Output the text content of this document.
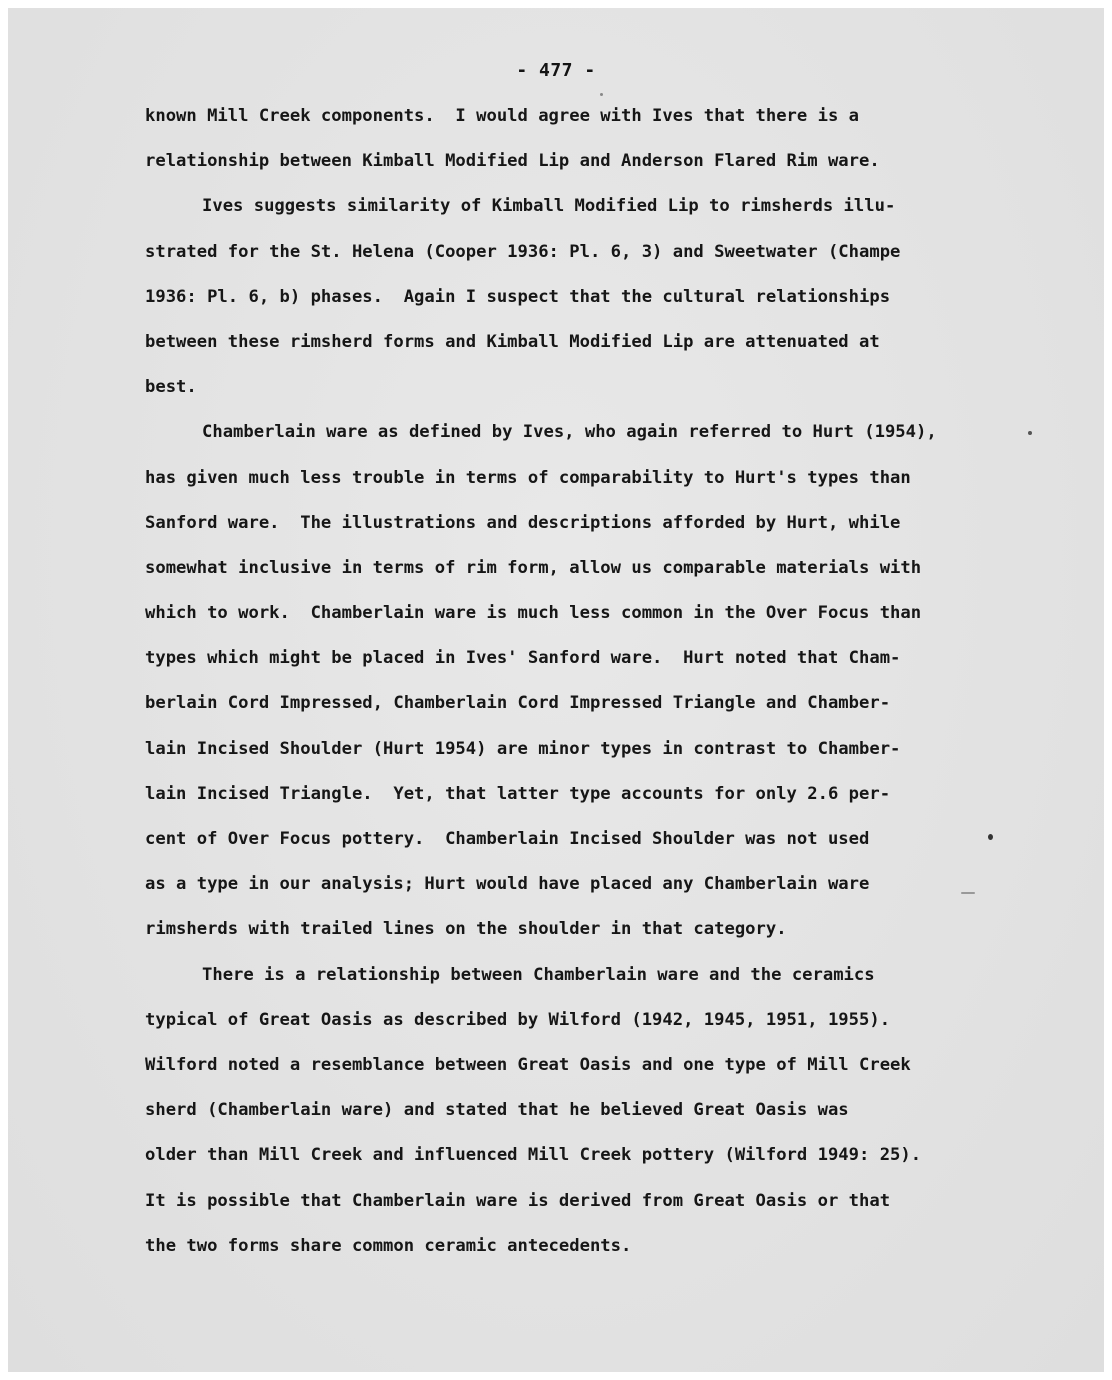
- 477 -
known Mill Creek components.  I would agree with Ives that there is a
relationship between Kimball Modified Lip and Anderson Flared Rim ware.
Ives suggests similarity of Kimball Modified Lip to rimsherds illu-
strated for the St. Helena (Cooper 1936: Pl. 6, 3) and Sweetwater (Champe
1936: Pl. 6, b) phases.  Again I suspect that the cultural relationships
between these rimsherd forms and Kimball Modified Lip are attenuated at
best.
Chamberlain ware as defined by Ives, who again referred to Hurt (1954),
has given much less trouble in terms of comparability to Hurt's types than
Sanford ware.  The illustrations and descriptions afforded by Hurt, while
somewhat inclusive in terms of rim form, allow us comparable materials with
which to work.  Chamberlain ware is much less common in the Over Focus than
types which might be placed in Ives' Sanford ware.  Hurt noted that Cham-
berlain Cord Impressed, Chamberlain Cord Impressed Triangle and Chamber-
lain Incised Shoulder (Hurt 1954) are minor types in contrast to Chamber-
lain Incised Triangle.  Yet, that latter type accounts for only 2.6 per-
cent of Over Focus pottery.  Chamberlain Incised Shoulder was not used
as a type in our analysis; Hurt would have placed any Chamberlain ware
rimsherds with trailed lines on the shoulder in that category.
There is a relationship between Chamberlain ware and the ceramics
typical of Great Oasis as described by Wilford (1942, 1945, 1951, 1955).
Wilford noted a resemblance between Great Oasis and one type of Mill Creek
sherd (Chamberlain ware) and stated that he believed Great Oasis was
older than Mill Creek and influenced Mill Creek pottery (Wilford 1949: 25).
It is possible that Chamberlain ware is derived from Great Oasis or that
the two forms share common ceramic antecedents.
